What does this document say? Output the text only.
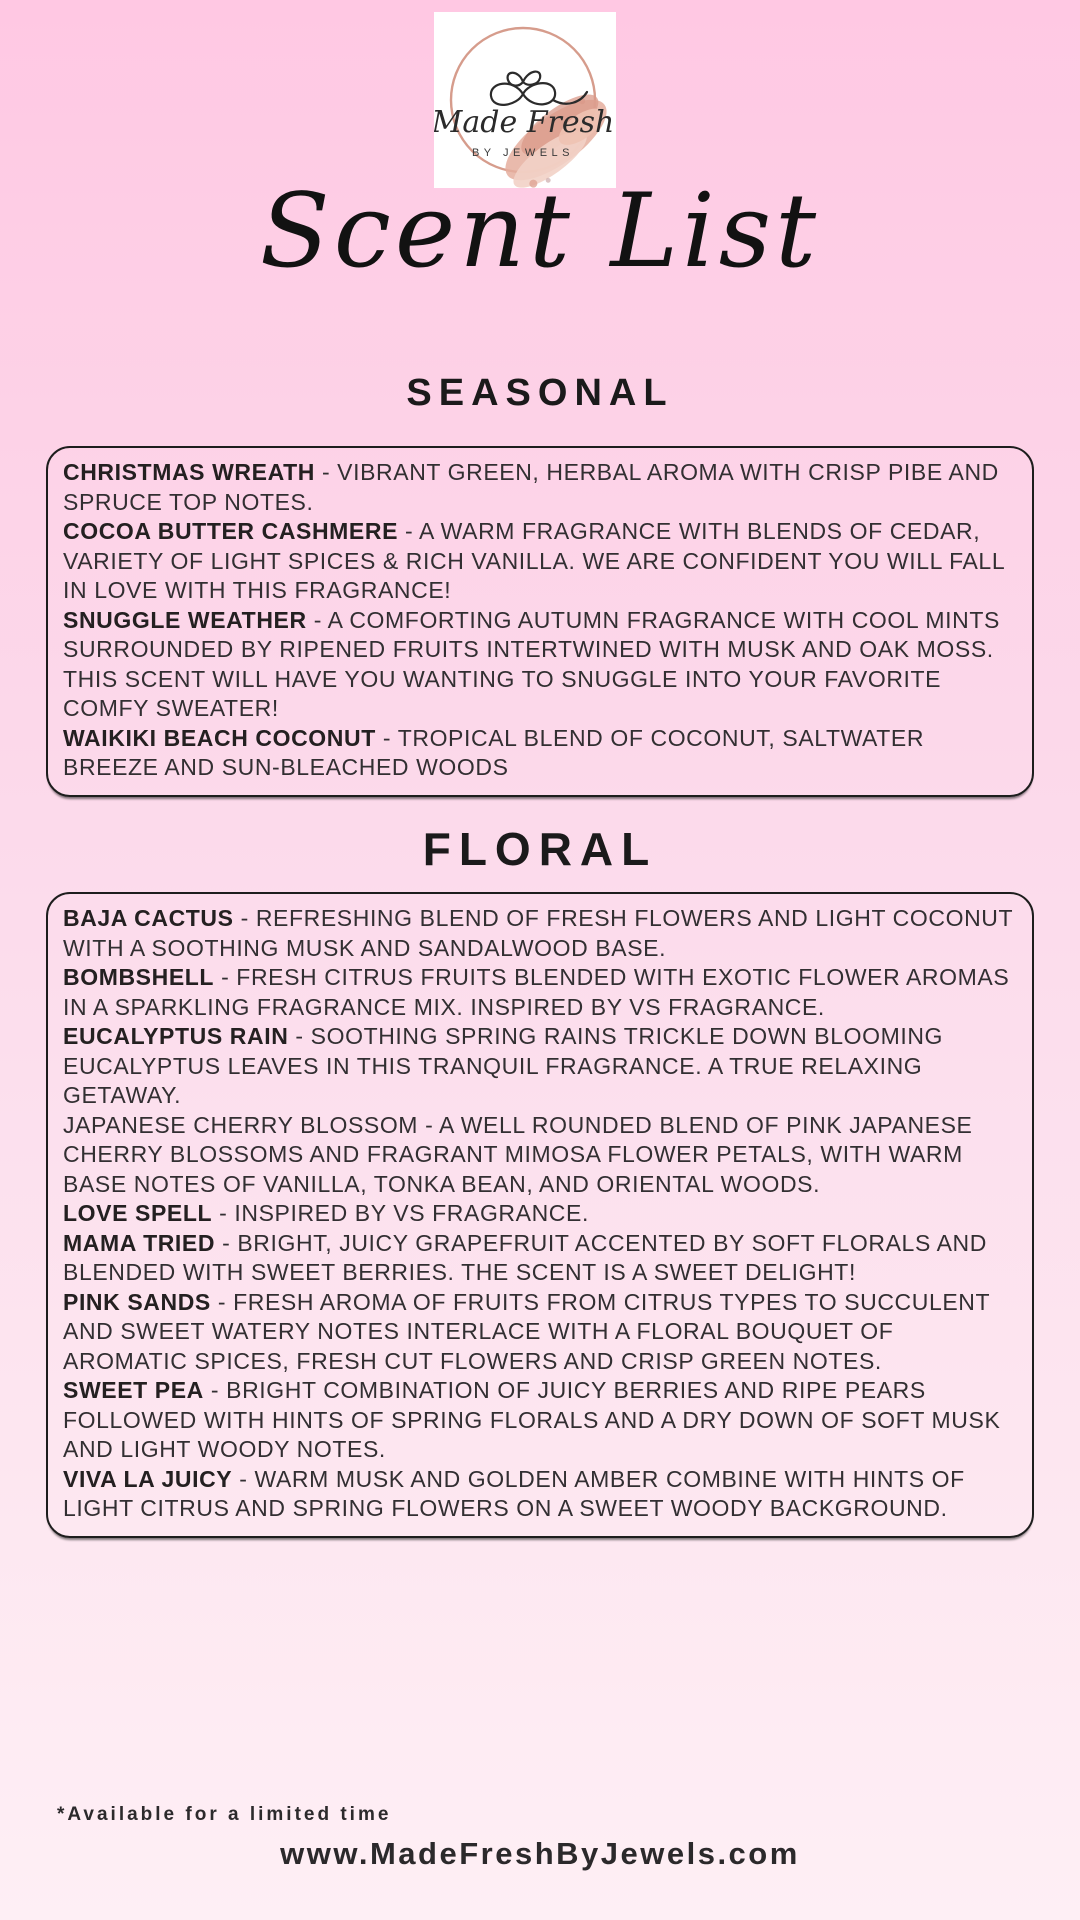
Made Fresh
BY JEWELS
Scent List
SEASONAL

CHRISTMAS WREATH - VIBRANT GREEN, HERBAL AROMA WITH CRISP PIBE AND SPRUCE TOP NOTES.

COCOA BUTTER CASHMERE - A WARM FRAGRANCE WITH BLENDS OF CEDAR, VARIETY OF LIGHT SPICES & RICH VANILLA. WE ARE CONFIDENT YOU WILL FALL IN LOVE WITH THIS FRAGRANCE!

SNUGGLE WEATHER - A COMFORTING AUTUMN FRAGRANCE WITH COOL MINTS SURROUNDED BY RIPENED FRUITS INTERTWINED WITH MUSK AND OAK MOSS. THIS SCENT WILL HAVE YOU WANTING TO SNUGGLE INTO YOUR FAVORITE COMFY SWEATER!

WAIKIKI BEACH COCONUT - TROPICAL BLEND OF COCONUT, SALTWATER BREEZE AND SUN-BLEACHED WOODS

FLORAL

BAJA CACTUS - REFRESHING BLEND OF FRESH FLOWERS AND LIGHT COCONUT WITH A SOOTHING MUSK AND SANDALWOOD BASE.

BOMBSHELL - FRESH CITRUS FRUITS BLENDED WITH EXOTIC FLOWER AROMAS IN A SPARKLING FRAGRANCE MIX. INSPIRED BY VS FRAGRANCE.

EUCALYPTUS RAIN - SOOTHING SPRING RAINS TRICKLE DOWN BLOOMING EUCALYPTUS LEAVES IN THIS TRANQUIL FRAGRANCE. A TRUE RELAXING GETAWAY.

JAPANESE CHERRY BLOSSOM - A WELL ROUNDED BLEND OF PINK JAPANESE CHERRY BLOSSOMS AND FRAGRANT MIMOSA FLOWER PETALS, WITH WARM BASE NOTES OF VANILLA, TONKA BEAN, AND ORIENTAL WOODS.

LOVE SPELL - INSPIRED BY VS FRAGRANCE.

MAMA TRIED - BRIGHT, JUICY GRAPEFRUIT ACCENTED BY SOFT FLORALS AND BLENDED WITH SWEET BERRIES. THE SCENT IS A SWEET DELIGHT!

PINK SANDS - FRESH AROMA OF FRUITS FROM CITRUS TYPES TO SUCCULENT AND SWEET WATERY NOTES INTERLACE WITH A FLORAL BOUQUET OF AROMATIC SPICES, FRESH CUT FLOWERS AND CRISP GREEN NOTES.

SWEET PEA - BRIGHT COMBINATION OF JUICY BERRIES AND RIPE PEARS FOLLOWED WITH HINTS OF SPRING FLORALS AND A DRY DOWN OF SOFT MUSK AND LIGHT WOODY NOTES.

VIVA LA JUICY - WARM MUSK AND GOLDEN AMBER COMBINE WITH HINTS OF LIGHT CITRUS AND SPRING FLOWERS ON A SWEET WOODY BACKGROUND.

*Available for a limited time
www.MadeFreshByJewels.com
